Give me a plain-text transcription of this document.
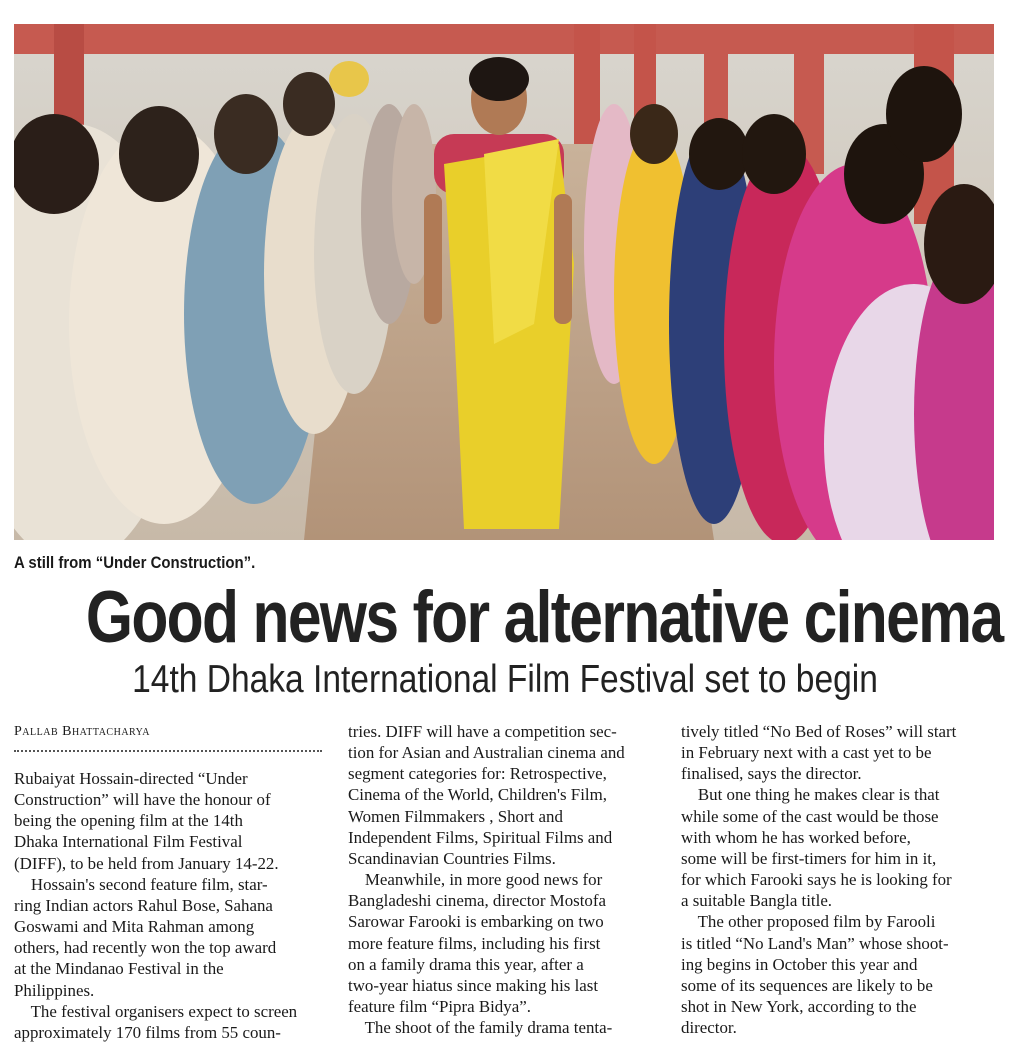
A still from “Under Construction”.
Good news for alternative cinema
14th Dhaka International Film Festival set to begin
Pallab Bhattacharya

Rubaiyat Hossain-directed “Under

Construction” will have the honour of

being the opening film at the 14th

Dhaka International Film Festival

(DIFF), to be held from January 14-22.

Hossain's second feature film, star-

ring Indian actors Rahul Bose, Sahana

Goswami and Mita Rahman among

others, had recently won the top award

at the Mindanao Festival in the

Philippines.

The festival organisers expect to screen

approximately 170 films from 55 coun-

tries. DIFF will have a competition sec-

tion for Asian and Australian cinema and

segment categories for: Retrospective,

Cinema of the World, Children's Film,

Women Filmmakers , Short and

Independent Films, Spiritual Films and

Scandinavian Countries Films.

Meanwhile, in more good news for

Bangladeshi cinema, director Mostofa

Sarowar Farooki is embarking on two

more feature films, including his first

on a family drama this year, after a

two-year hiatus since making his last

feature film “Pipra Bidya”.

The shoot of the family drama tenta-

tively titled “No Bed of Roses” will start

in February next with a cast yet to be

finalised, says the director.

But one thing he makes clear is that

while some of the cast would be those

with whom he has worked before,

some will be first-timers for him in it,

for which Farooki says he is looking for

a suitable Bangla title.

The other proposed film by Farooli

is titled “No Land's Man” whose shoot-

ing begins in October this year and

some of its sequences are likely to be

shot in New York, according to the

director.
